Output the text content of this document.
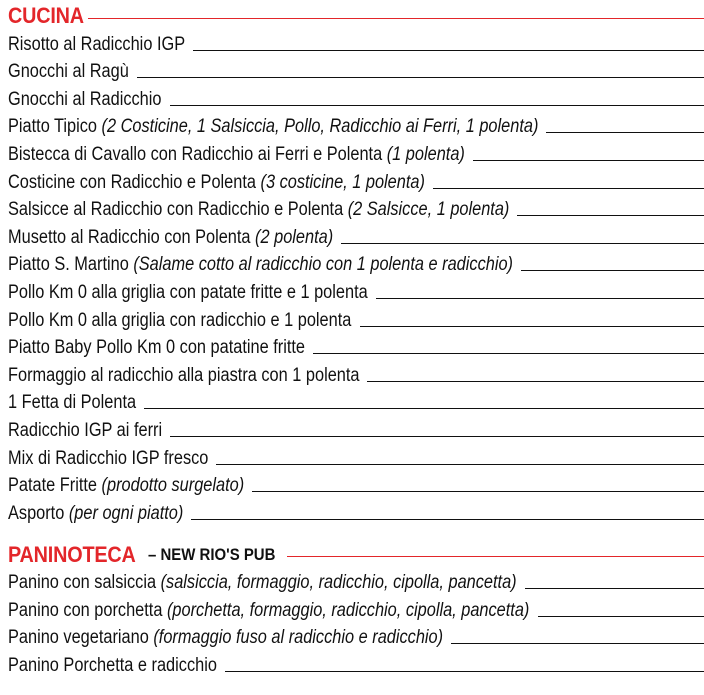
CUCINA
Risotto al Radicchio IGP
Gnocchi al Ragù
Gnocchi al Radicchio
Piatto Tipico (2 Costicine, 1 Salsiccia, Pollo, Radicchio ai Ferri, 1 polenta)
Bistecca di Cavallo con Radicchio ai Ferri e Polenta (1 polenta)
Costicine con Radicchio e Polenta (3 costicine, 1 polenta)
Salsicce al Radicchio con Radicchio e Polenta (2 Salsicce, 1 polenta)
Musetto al Radicchio con Polenta (2 polenta)
Piatto S. Martino (Salame cotto al radicchio con 1 polenta e radicchio)
Pollo Km 0 alla griglia con patate fritte e 1 polenta
Pollo Km 0 alla griglia con radicchio e 1 polenta
Piatto Baby Pollo Km 0 con patatine fritte
Formaggio al radicchio alla piastra con 1 polenta
1 Fetta di Polenta
Radicchio IGP ai ferri
Mix di Radicchio IGP fresco
Patate Fritte (prodotto surgelato)
Asporto (per ogni piatto)
PANINOTECA – NEW RIO'S PUB
Panino con salsiccia (salsiccia, formaggio, radicchio, cipolla, pancetta)
Panino con porchetta (porchetta, formaggio, radicchio, cipolla, pancetta)
Panino vegetariano (formaggio fuso al radicchio e radicchio)
Panino Porchetta e radicchio
